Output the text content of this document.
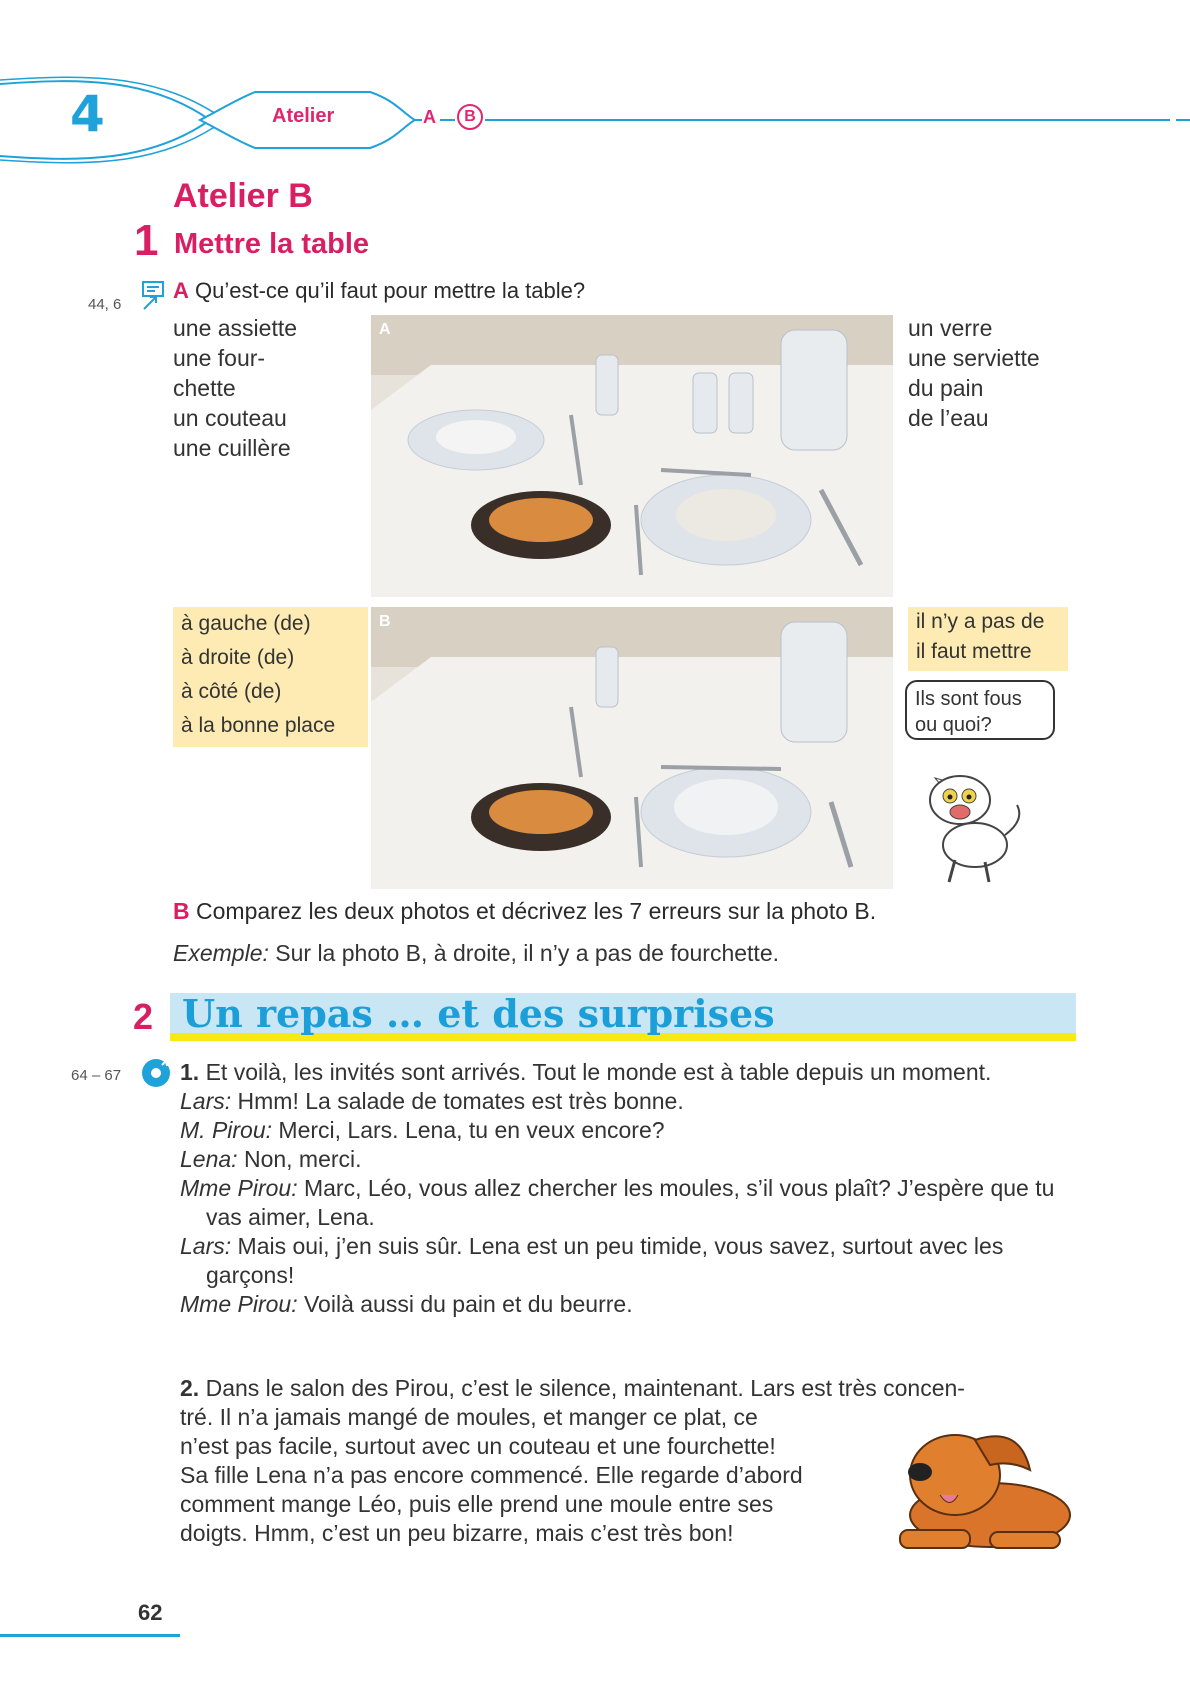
4	Atelier	A	B
Atelier B
1 Mettre la table
44, 6
A Qu’est-ce qu’il faut pour mettre la table?
une assiette
une four-
chette
un couteau
une cuillère
un verre
une serviette
du pain
de l’eau
A
B
à gauche (de)
à droite (de)
à côté (de)
à la bonne place
il n’y a pas de
il faut mettre
Ils sont fous
ou quoi?
B Comparez les deux photos et décrivez les 7 erreurs sur la photo B.
Exemple: Sur la photo B, à droite, il n’y a pas de fourchette.
2 Un repas … et des surprises
64 – 67	1. Et voilà, les invités sont arrivés. Tout le monde est à table depuis un moment.

Lars: Hmm! La salade de tomates est très bonne.

M. Pirou: Merci, Lars. Lena, tu en veux encore?

Lena: Non, merci.

Mme Pirou: Marc, Léo, vous allez chercher les moules, s’il vous plaît? J’espère que tu vas aimer, Lena.

Lars: Mais oui, j’en suis sûr. Lena est un peu timide, vous savez, surtout avec les garçons!

Mme Pirou: Voilà aussi du pain et du beurre.

2. Dans le salon des Pirou, c’est le silence, maintenant. Lars est très concen-

tré. Il n’a jamais mangé de moules, et manger ce plat, ce

n’est pas facile, surtout avec un couteau et une fourchette!

Sa fille Lena n’a pas encore commencé. Elle regarde d’abord

comment mange Léo, puis elle prend une moule entre ses

doigts. Hmm, c’est un peu bizarre, mais c’est très bon!

62
